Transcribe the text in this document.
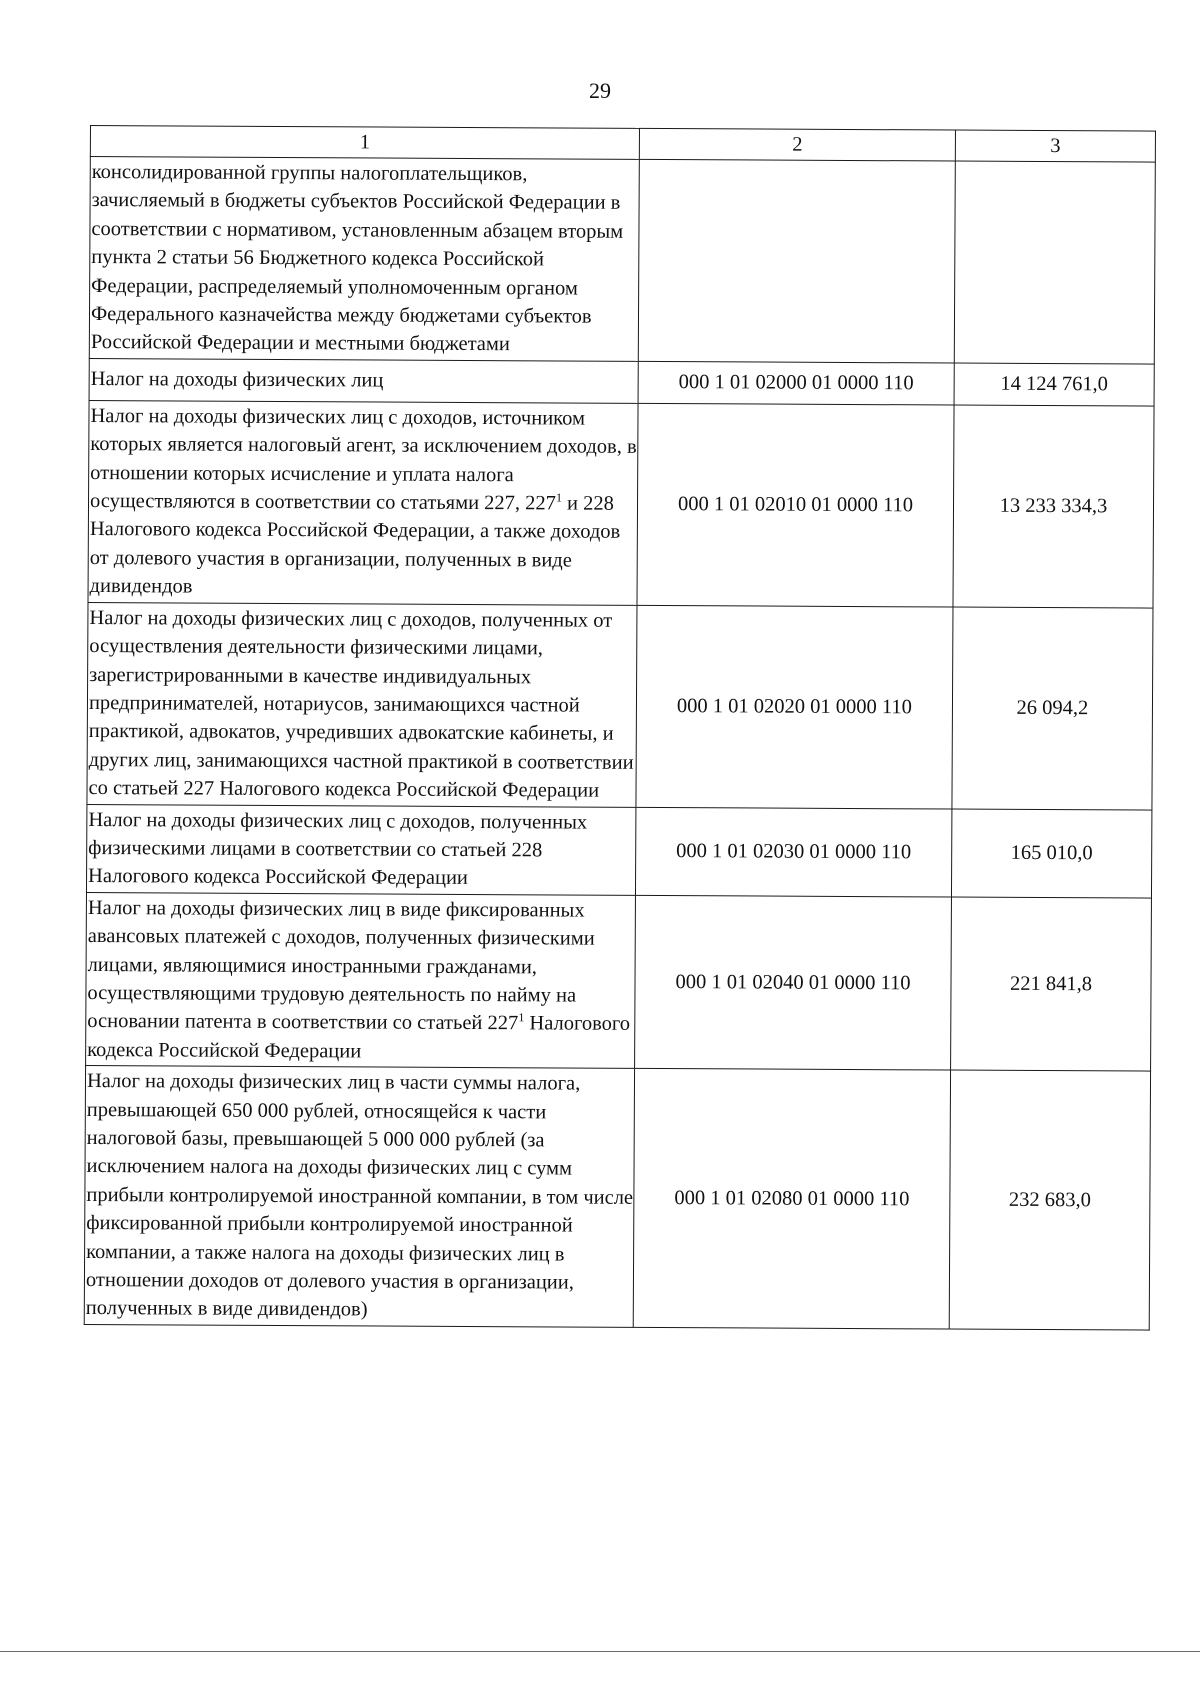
29
1	2	3
консолидированной группы налогоплательщиков, зачисляемый в бюджеты субъектов Российской Федерации в соответствии с нормативом, установленным абзацем вторым пункта 2 статьи 56 Бюджетного кодекса Российской Федерации, распределяемый уполномоченным органом Федерального казначейства между бюджетами субъектов Российской Федерации и местными бюджетами		
Налог на доходы физических лиц	000 1 01 02000 01 0000 110	14 124 761,0
Налог на доходы физических лиц с доходов, источником которых является налоговый агент, за исключением доходов, в отношении которых исчисление и уплата налога осуществляются в соответствии со статьями 227, $227^1$ и 228 Налогового кодекса Российской Федерации, а также доходов от долевого участия в организации, полученных в виде дивидендов	000 1 01 02010 01 0000 110	13 233 334,3
Налог на доходы физических лиц с доходов, полученных от осуществления деятельности физическими лицами, зарегистрированными в качестве индивидуальных предпринимателей, нотариусов, занимающихся частной практикой, адвокатов, учредивших адвокатские кабинеты, и других лиц, занимающихся частной практикой в соответствии со статьей 227 Налогового кодекса Российской Федерации	000 1 01 02020 01 0000 110	26 094,2
Налог на доходы физических лиц с доходов, полученных физическими лицами в соответствии со статьей 228 Налогового кодекса Российской Федерации	000 1 01 02030 01 0000 110	165 010,0
Налог на доходы физических лиц в виде фиксированных авансовых платежей с доходов, полученных физическими лицами, являющимися иностранными гражданами, осуществляющими трудовую деятельность по найму на основании патента в соответствии со статьей $227^1$ Налогового кодекса Российской Федерации	000 1 01 02040 01 0000 110	221 841,8
Налог на доходы физических лиц в части суммы налога, превышающей 650 000 рублей, относящейся к части налоговой базы, превышающей 5 000 000 рублей (за исключением налога на доходы физических лиц с сумм прибыли контролируемой иностранной компании, в том числе фиксированной прибыли контролируемой иностранной компании, а также налога на доходы физических лиц в отношении доходов от долевого участия в организации, полученных в виде дивидендов)	000 1 01 02080 01 0000 110	232 683,0
